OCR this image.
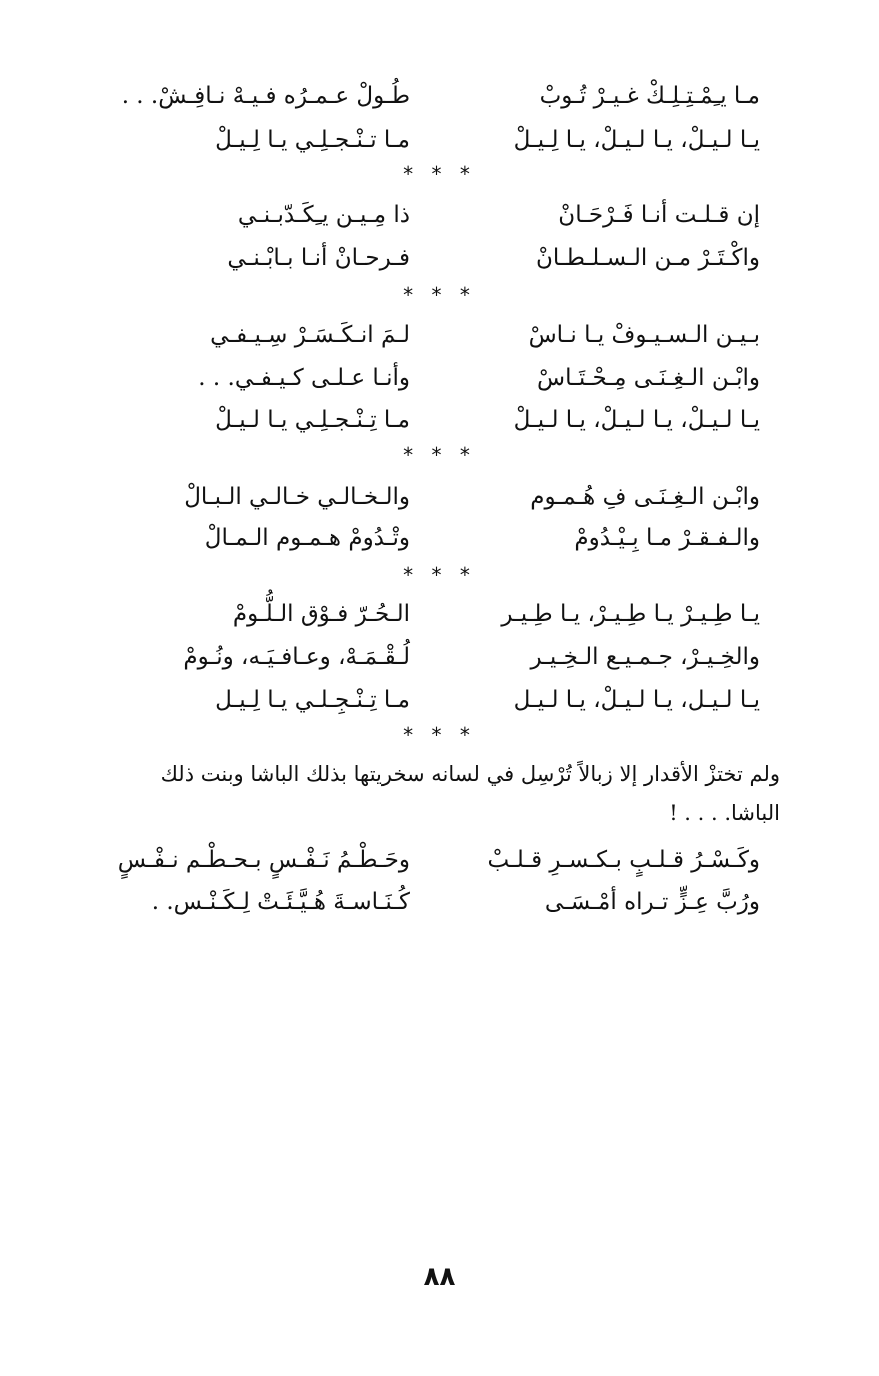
مـا يـِمْـتِـلِـكْ غـيـرْ تُـوبْ
طُـولْ عـمـرُه فـيـهْ نـافِـشْ. . .
يـا لـيـلْ، يـا لـيـلْ، يـا لِـيـلْ
مـا تـنْـجـلِـي يـا لِـيـلْ
* * *
إن قـلـت أنـا فَـرْحَـانْ
ذا مِـيـن يـِكَـدّبـنـي
واكْـتَـرْ مـن الـسـلـطـانْ
فـرحـانْ أنـا بـابْـنـي
* * *
بـيـن الـسـيـوفْ يـا نـاسْ
لـمَ انـكَـسَـرْ سِـيـفـي
وابْـن الـغِـنَـى مِـحْـتَـاسْ
وأنـا عـلـى كـيـفـي. . .
يـا لـيـلْ، يـا لـيـلْ، يـا لـيـلْ
مـا تِـنْـجـلِـي يـا لـيـلْ
* * *
وابْـن الـغِـنَـى فِ هُـمـوم
والـخـالـي خـالـي الـبـالْ
والـفـقـرْ مـا بِـيْـدُومْ
وتْـدُومْ هـمـوم الـمـالْ
* * *
يـا طِـيـرْ يـا طِـيـرْ، يـا طِـيـر
الـحُـرّ فـوْق الـلُّـومْ
والخِـيـرْ، جـمـيـع الـخِـيـر
لُـقْـمَـهْ، وعـافـيَـه، ونُـومْ
يـا لـيـل، يـا لـيـلْ، يـا لـيـل
مـا تِـنْـجِـلـي يـا لِـيـل
* * *
ولم تختزْ الأقدار إلا زبالاً تُرْسِل في لسانه سخريتها بذلك الباشا وبنت ذلك
الباشا. . . . !
وكَـسْـرُ قـلـبٍ بـكـسـرِ قـلـبْ
وحَـطْـمُ نَـفْـسٍ بـحـطْـم نـفْـسٍ
ورُبَّ عِـزٍّ تـراه أمْـسَـى
كُـنَـاسـةَ هُـيَّـئَـتْ لِـكَـنْـس. .
٨٨
